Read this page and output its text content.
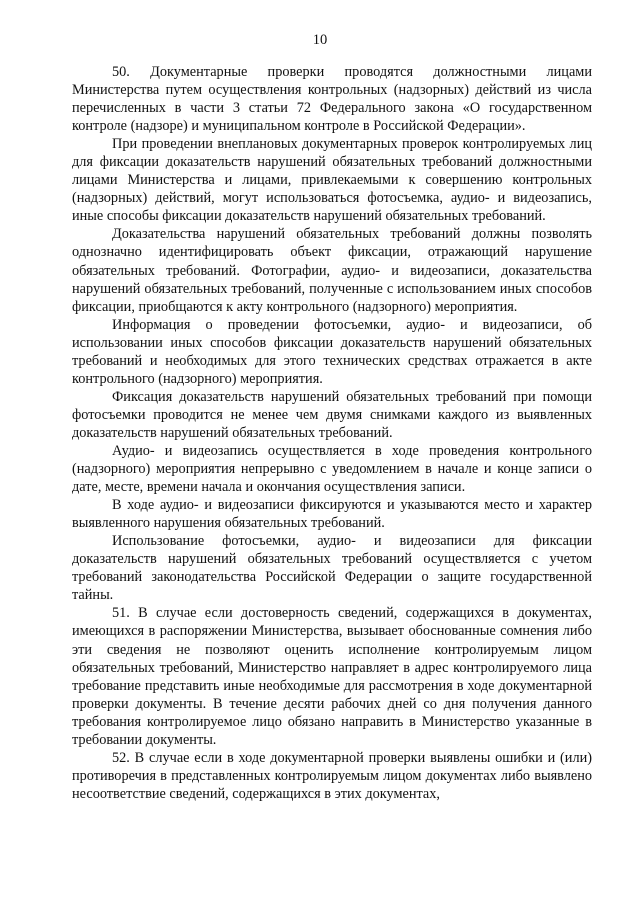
10

50. Документарные проверки проводятся должностными лицами Министерства путем осуществления контрольных (надзорных) действий из числа перечисленных в части 3 статьи 72 Федерального закона «О государственном контроле (надзоре) и муниципальном контроле в Российской Федерации».

При проведении внеплановых документарных проверок контролируемых лиц для фиксации доказательств нарушений обязательных требований должностными лицами Министерства и лицами, привлекаемыми к совершению контрольных (надзорных) действий, могут использоваться фотосъемка, аудио- и видеозапись, иные способы фиксации доказательств нарушений обязательных требований.

Доказательства нарушений обязательных требований должны позволять однозначно идентифицировать объект фиксации, отражающий нарушение обязательных требований. Фотографии, аудио- и видеозаписи, доказательства нарушений обязательных требований, полученные с использованием иных способов фиксации, приобщаются к акту контрольного (надзорного) мероприятия.

Информация о проведении фотосъемки, аудио- и видеозаписи, об использовании иных способов фиксации доказательств нарушений обязательных требований и необходимых для этого технических средствах отражается в акте контрольного (надзорного) мероприятия.

Фиксация доказательств нарушений обязательных требований при помощи фотосъемки проводится не менее чем двумя снимками каждого из выявленных доказательств нарушений обязательных требований.

Аудио- и видеозапись осуществляется в ходе проведения контрольного (надзорного) мероприятия непрерывно с уведомлением в начале и конце записи о дате, месте, времени начала и окончания осуществления записи.

В ходе аудио- и видеозаписи фиксируются и указываются место и характер выявленного нарушения обязательных требований.

Использование фотосъемки, аудио- и видеозаписи для фиксации доказательств нарушений обязательных требований осуществляется с учетом требований законодательства Российской Федерации о защите государственной тайны.

51. В случае если достоверность сведений, содержащихся в документах, имеющихся в распоряжении Министерства, вызывает обоснованные сомнения либо эти сведения не позволяют оценить исполнение контролируемым лицом обязательных требований, Министерство направляет в адрес контролируемого лица требование представить иные необходимые для рассмотрения в ходе документарной проверки документы. В течение десяти рабочих дней со дня получения данного требования контролируемое лицо обязано направить в Министерство указанные в требовании документы.

52. В случае если в ходе документарной проверки выявлены ошибки и (или) противоречия в представленных контролируемым лицом документах либо выявлено несоответствие сведений, содержащихся в этих документах,
